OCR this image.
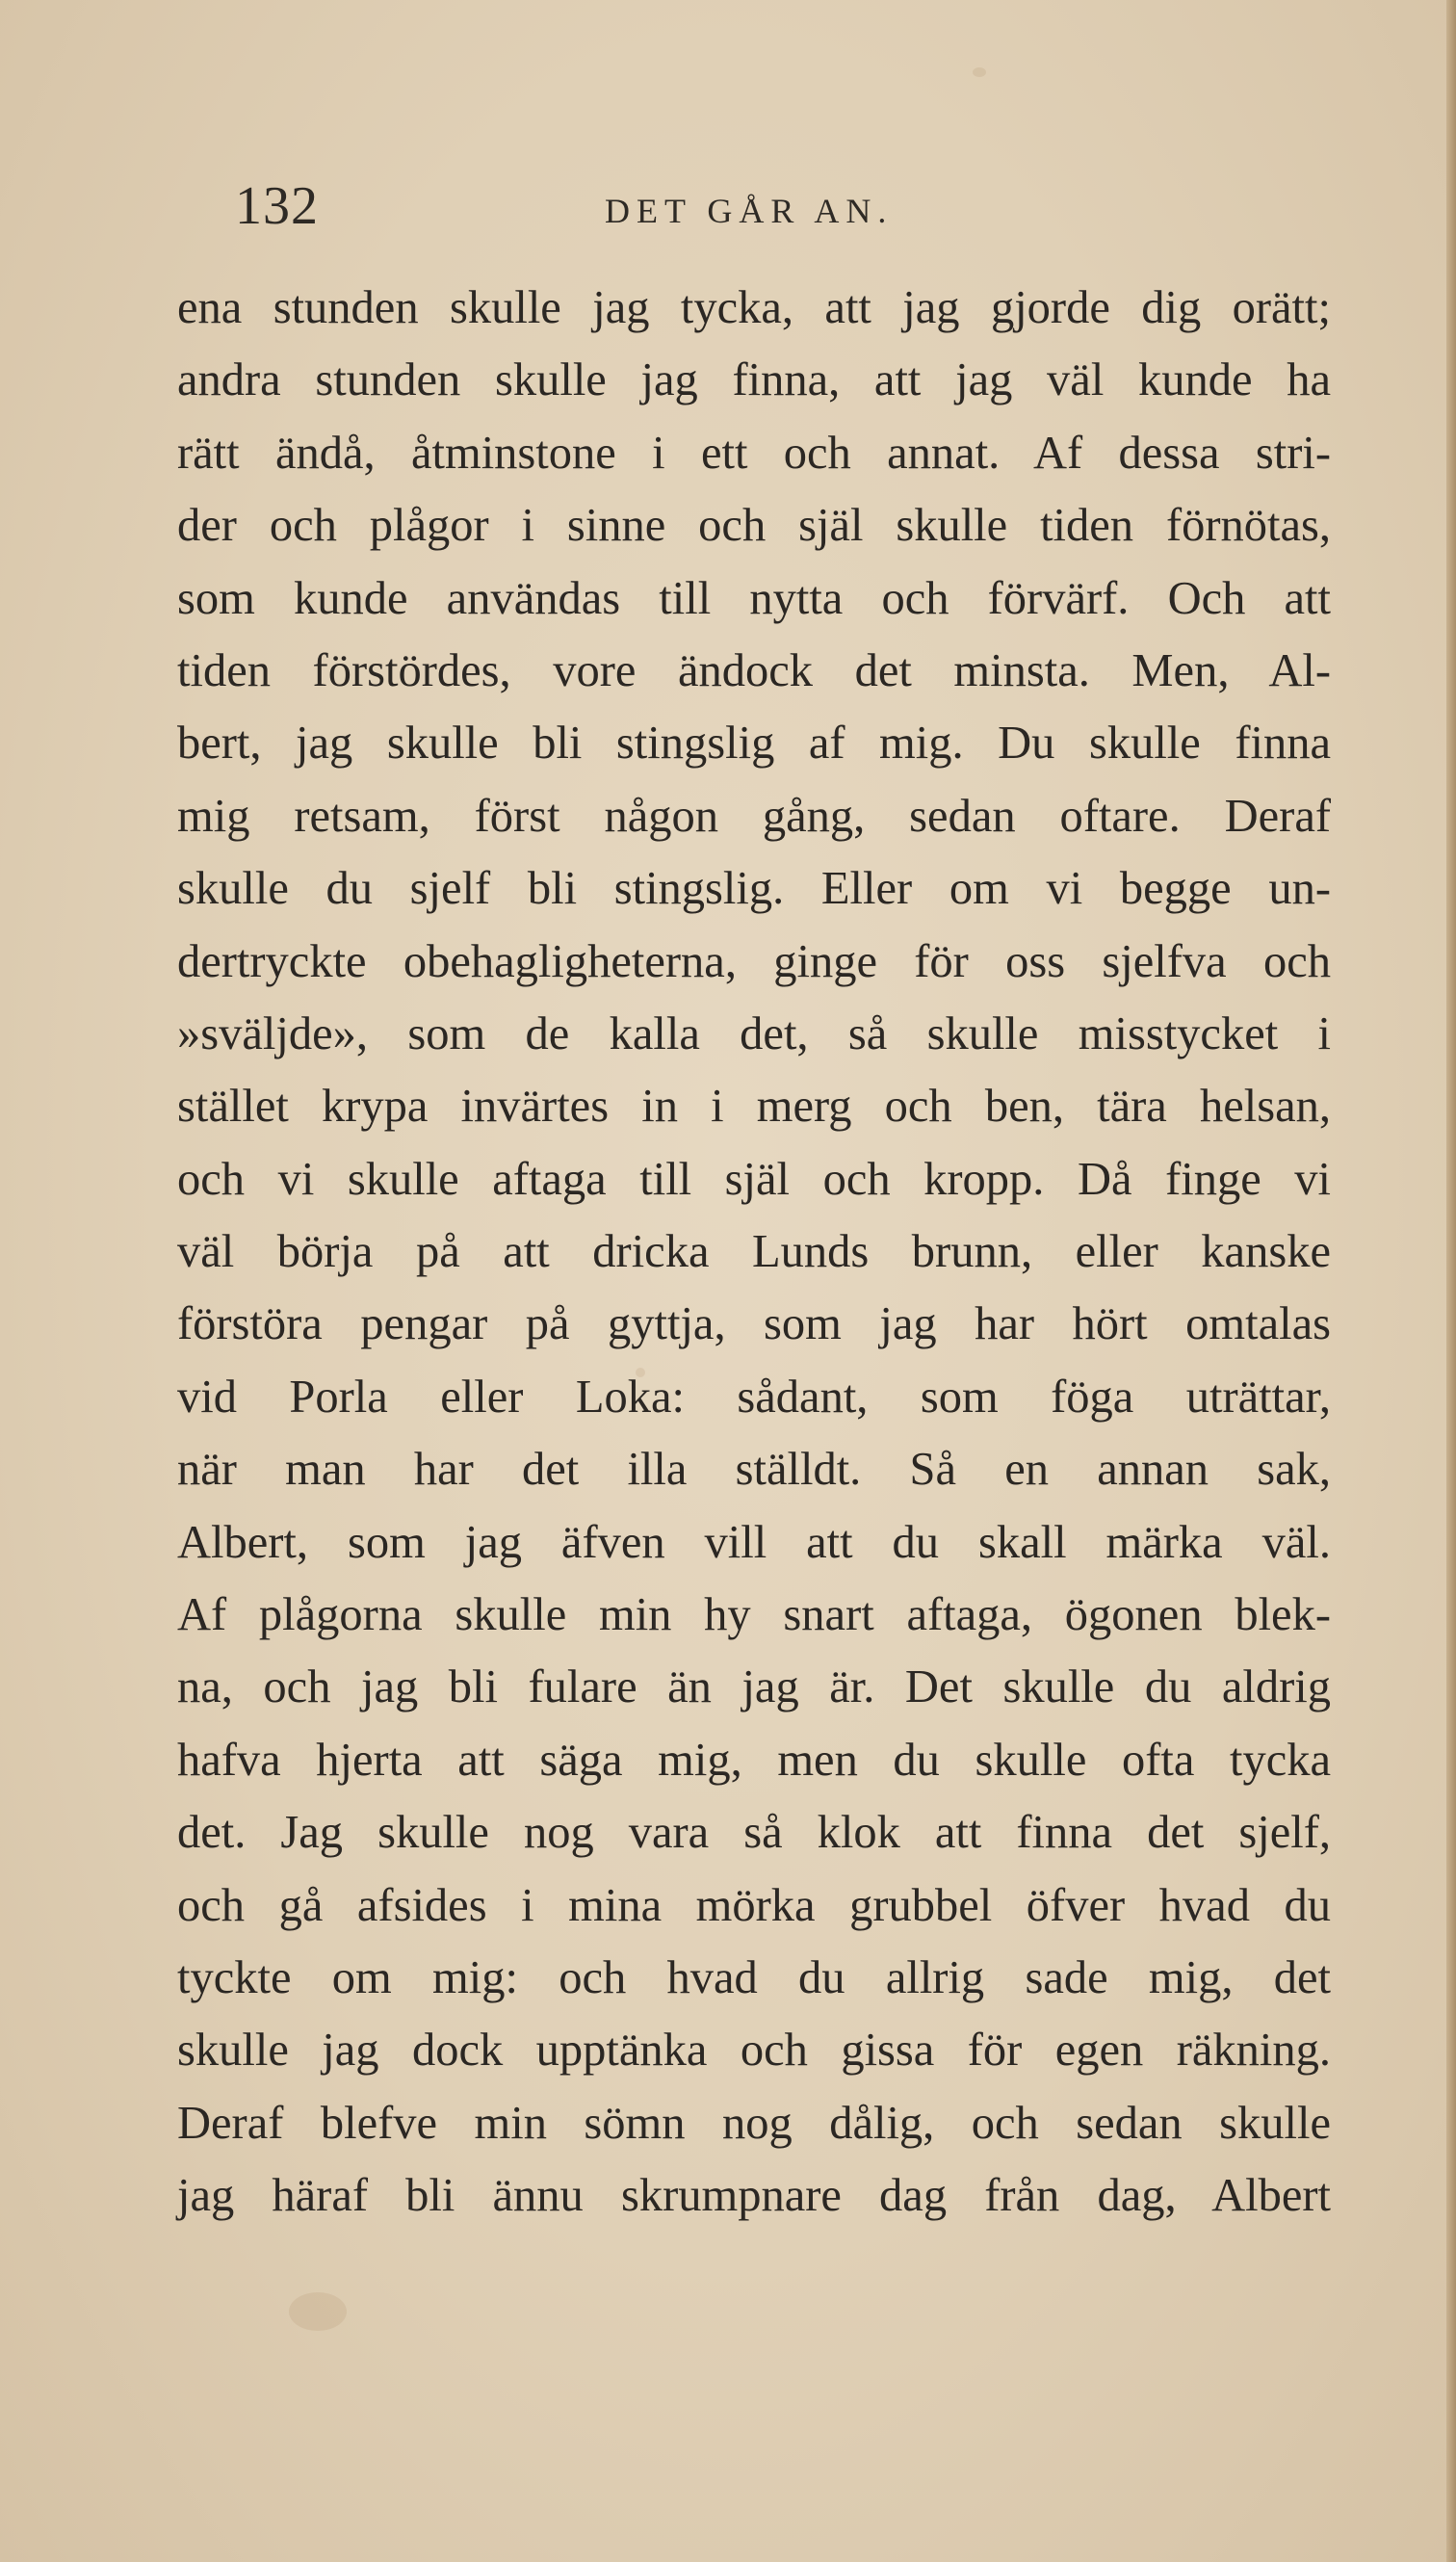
132	DET GÅR AN.
ena stunden skulle jag tycka, att jag gjorde dig orätt;
andra stunden skulle jag finna, att jag väl kunde ha
rätt ändå, åtminstone i ett och annat. Af dessa stri-
der och plågor i sinne och själ skulle tiden förnötas,
som kunde användas till nytta och förvärf. Och att
tiden förstördes, vore ändock det minsta. Men, Al-
bert, jag skulle bli stingslig af mig. Du skulle finna
mig retsam, först någon gång, sedan oftare. Deraf
skulle du sjelf bli stingslig. Eller om vi begge un-
dertryckte obehagligheterna, ginge för oss sjelfva och
»sväljde», som de kalla det, så skulle misstycket i
stället krypa invärtes in i merg och ben, tära helsan,
och vi skulle aftaga till själ och kropp. Då finge vi
väl börja på att dricka Lunds brunn, eller kanske
förstöra pengar på gyttja, som jag har hört omtalas
vid Porla eller Loka: sådant, som föga uträttar,
när man har det illa ställdt. Så en annan sak,
Albert, som jag äfven vill att du skall märka väl.
Af plågorna skulle min hy snart aftaga, ögonen blek-
na, och jag bli fulare än jag är. Det skulle du aldrig
hafva hjerta att säga mig, men du skulle ofta tycka
det. Jag skulle nog vara så klok att finna det sjelf,
och gå afsides i mina mörka grubbel öfver hvad du
tyckte om mig: och hvad du allrig sade mig, det
skulle jag dock upptänka och gissa för egen räkning.
Deraf blefve min sömn nog dålig, och sedan skulle
jag häraf bli ännu skrumpnare dag från dag, Albert
